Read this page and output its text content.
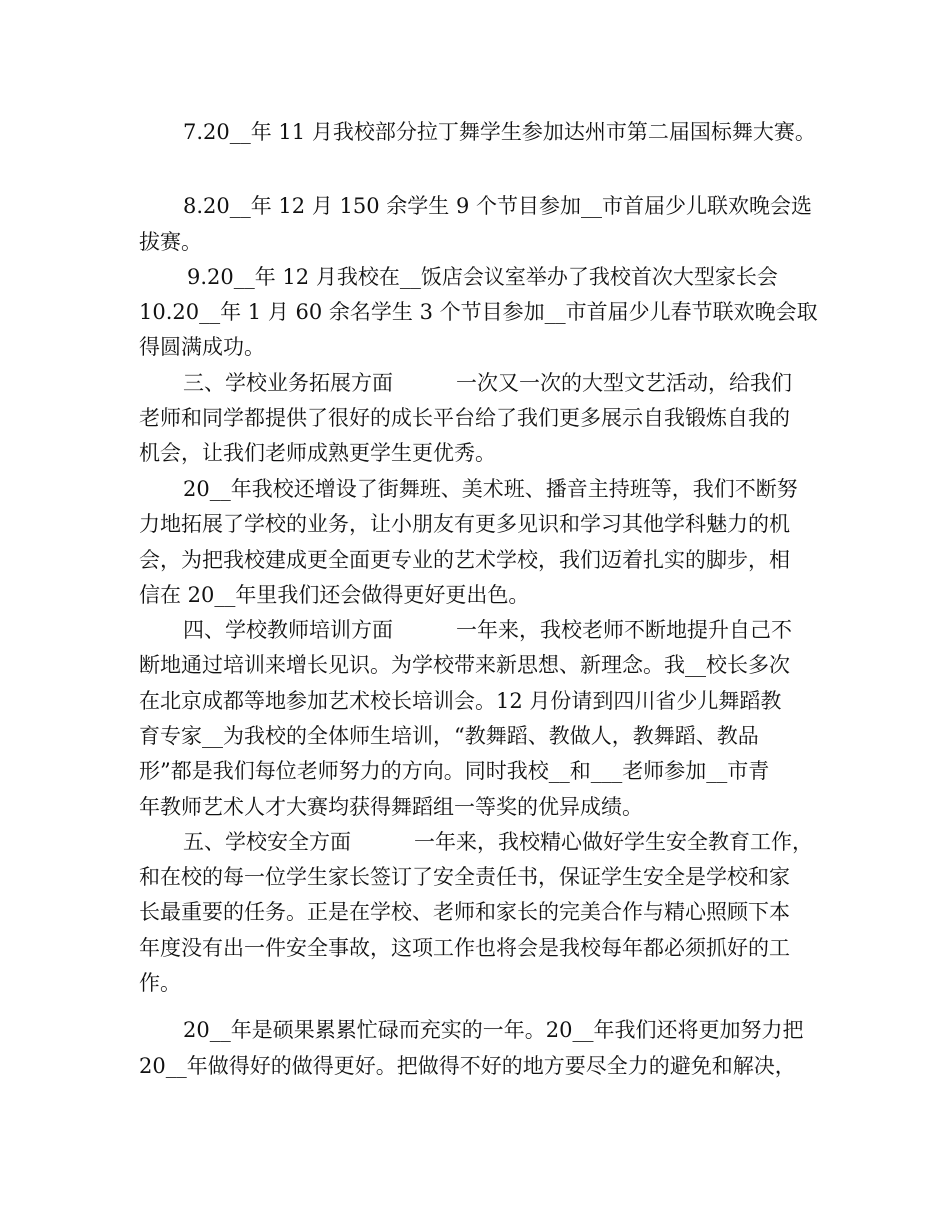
7.20__年 11 月我校部分拉丁舞学生参加达州市第二届国标舞大赛。
8.20__年 12 月 150 余学生 9 个节目参加__市首届少儿联欢晚会选
拔赛。
9.20__年 12 月我校在__饭店会议室举办了我校首次大型家长会
10.20__年 1 月 60 余名学生 3 个节目参加__市首届少儿春节联欢晚会取
得圆满成功。
三、学校业务拓展方面　　　一次又一次的大型文艺活动，给我们
老师和同学都提供了很好的成长平台给了我们更多展示自我锻炼自我的
机会，让我们老师成熟更学生更优秀。
20__年我校还增设了街舞班、美术班、播音主持班等，我们不断努
力地拓展了学校的业务，让小朋友有更多见识和学习其他学科魅力的机
会，为把我校建成更全面更专业的艺术学校，我们迈着扎实的脚步，相
信在 20__年里我们还会做得更好更出色。
四、学校教师培训方面　　　一年来，我校老师不断地提升自己不
断地通过培训来增长见识。为学校带来新思想、新理念。我__校长多次
在北京成都等地参加艺术校长培训会。12 月份请到四川省少儿舞蹈教
育专家__为我校的全体师生培训，“教舞蹈、教做人，教舞蹈、教品
形”都是我们每位老师努力的方向。同时我校__和___老师参加__市青
年教师艺术人才大赛均获得舞蹈组一等奖的优异成绩。
五、学校安全方面　　　一年来，我校精心做好学生安全教育工作，
和在校的每一位学生家长签订了安全责任书，保证学生安全是学校和家
长最重要的任务。正是在学校、老师和家长的完美合作与精心照顾下本
年度没有出一件安全事故，这项工作也将会是我校每年都必须抓好的工
作。
20__年是硕果累累忙碌而充实的一年。20__年我们还将更加努力把
20__年做得好的做得更好。把做得不好的地方要尽全力的避免和解决，
